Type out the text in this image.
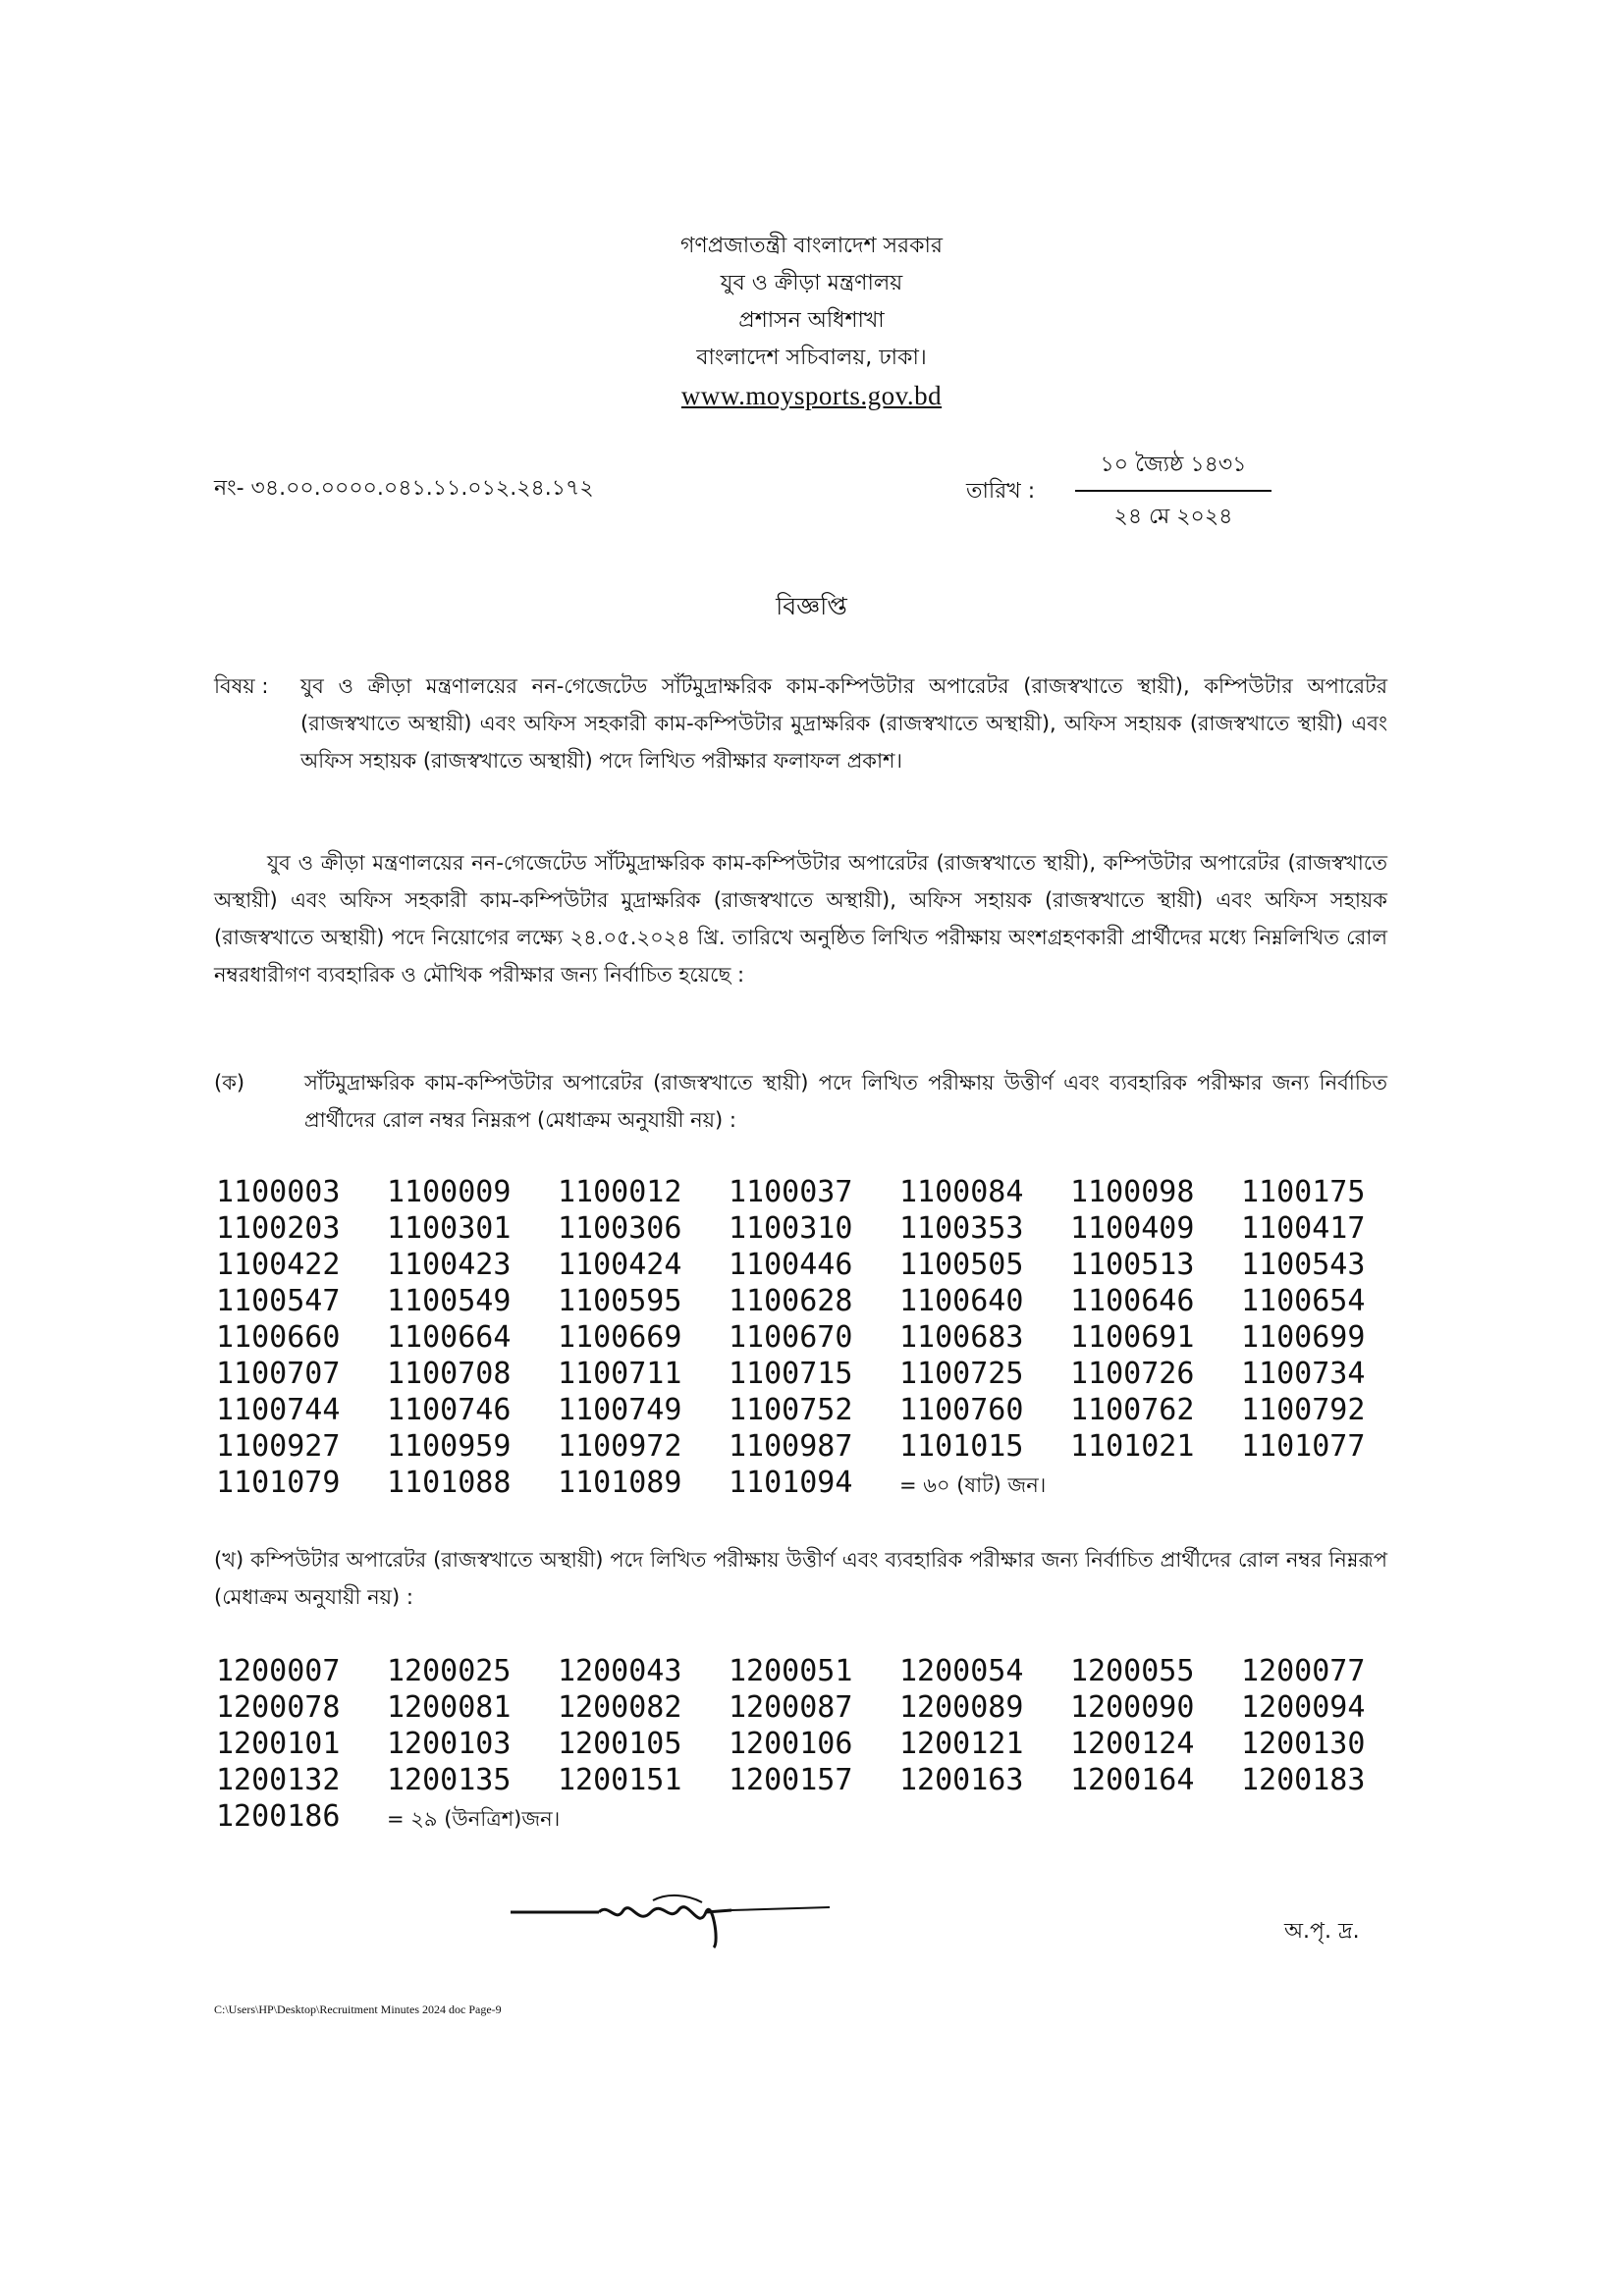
গণপ্রজাতন্ত্রী বাংলাদেশ সরকার
যুব ও ক্রীড়া মন্ত্রণালয়
প্রশাসন অধিশাখা
বাংলাদেশ সচিবালয়, ঢাকা।
www.moysports.gov.bd
নং- ৩৪.০০.০০০০.০৪১.১১.০১২.২৪.১৭২	তারিখ :
১০ জ্যৈষ্ঠ ১৪৩১
২৪ মে ২০২৪
বিজ্ঞপ্তি
বিষয় : যুব ও ক্রীড়া মন্ত্রণালয়ের নন-গেজেটেড সাঁটমুদ্রাক্ষরিক কাম-কম্পিউটার অপারেটর (রাজস্বখাতে স্থায়ী), কম্পিউটার অপারেটর (রাজস্বখাতে অস্থায়ী) এবং অফিস সহকারী কাম-কম্পিউটার মুদ্রাক্ষরিক (রাজস্বখাতে অস্থায়ী), অফিস সহায়ক (রাজস্বখাতে স্থায়ী) এবং অফিস সহায়ক (রাজস্বখাতে অস্থায়ী) পদে লিখিত পরীক্ষার ফলাফল প্রকাশ।
যুব ও ক্রীড়া মন্ত্রণালয়ের নন-গেজেটেড সাঁটমুদ্রাক্ষরিক কাম-কম্পিউটার অপারেটর (রাজস্বখাতে স্থায়ী), কম্পিউটার অপারেটর (রাজস্বখাতে অস্থায়ী) এবং অফিস সহকারী কাম-কম্পিউটার মুদ্রাক্ষরিক (রাজস্বখাতে অস্থায়ী), অফিস সহায়ক (রাজস্বখাতে স্থায়ী) এবং অফিস সহায়ক (রাজস্বখাতে অস্থায়ী) পদে নিয়োগের লক্ষ্যে ২৪.০৫.২০২৪ খ্রি. তারিখে অনুষ্ঠিত লিখিত পরীক্ষায় অংশগ্রহণকারী প্রার্থীদের মধ্যে নিম্নলিখিত রোল নম্বরধারীগণ ব্যবহারিক ও মৌখিক পরীক্ষার জন্য নির্বাচিত হয়েছে :
(ক)	সাঁটমুদ্রাক্ষরিক কাম-কম্পিউটার অপারেটর (রাজস্বখাতে স্থায়ী) পদে লিখিত পরীক্ষায় উত্তীর্ণ এবং ব্যবহারিক পরীক্ষার জন্য নির্বাচিত প্রার্থীদের রোল নম্বর নিম্নরূপ (মেধাক্রম অনুযায়ী নয়) :
1100003	1100009	1100012	1100037	1100084	1100098	1100175
1100203	1100301	1100306	1100310	1100353	1100409	1100417
1100422	1100423	1100424	1100446	1100505	1100513	1100543
1100547	1100549	1100595	1100628	1100640	1100646	1100654
1100660	1100664	1100669	1100670	1100683	1100691	1100699
1100707	1100708	1100711	1100715	1100725	1100726	1100734
1100744	1100746	1100749	1100752	1100760	1100762	1100792
1100927	1100959	1100972	1100987	1101015	1101021	1101077
1101079 1101088 1101089 1101094 = ৬০ (ষাট) জন।
(খ) কম্পিউটার অপারেটর (রাজস্বখাতে অস্থায়ী) পদে লিখিত পরীক্ষায় উত্তীর্ণ এবং ব্যবহারিক পরীক্ষার জন্য নির্বাচিত প্রার্থীদের রোল নম্বর নিম্নরূপ (মেধাক্রম অনুযায়ী নয়) :
1200007	1200025	1200043	1200051	1200054	1200055	1200077
1200078	1200081	1200082	1200087	1200089	1200090	1200094
1200101	1200103	1200105	1200106	1200121	1200124	1200130
1200132	1200135	1200151	1200157	1200163	1200164	1200183
1200186 = ২৯ (উনত্রিশ)জন।
অ.পৃ. দ্র.
C:\Users\HP\Desktop\Recruitment Minutes 2024 doc Page-9
